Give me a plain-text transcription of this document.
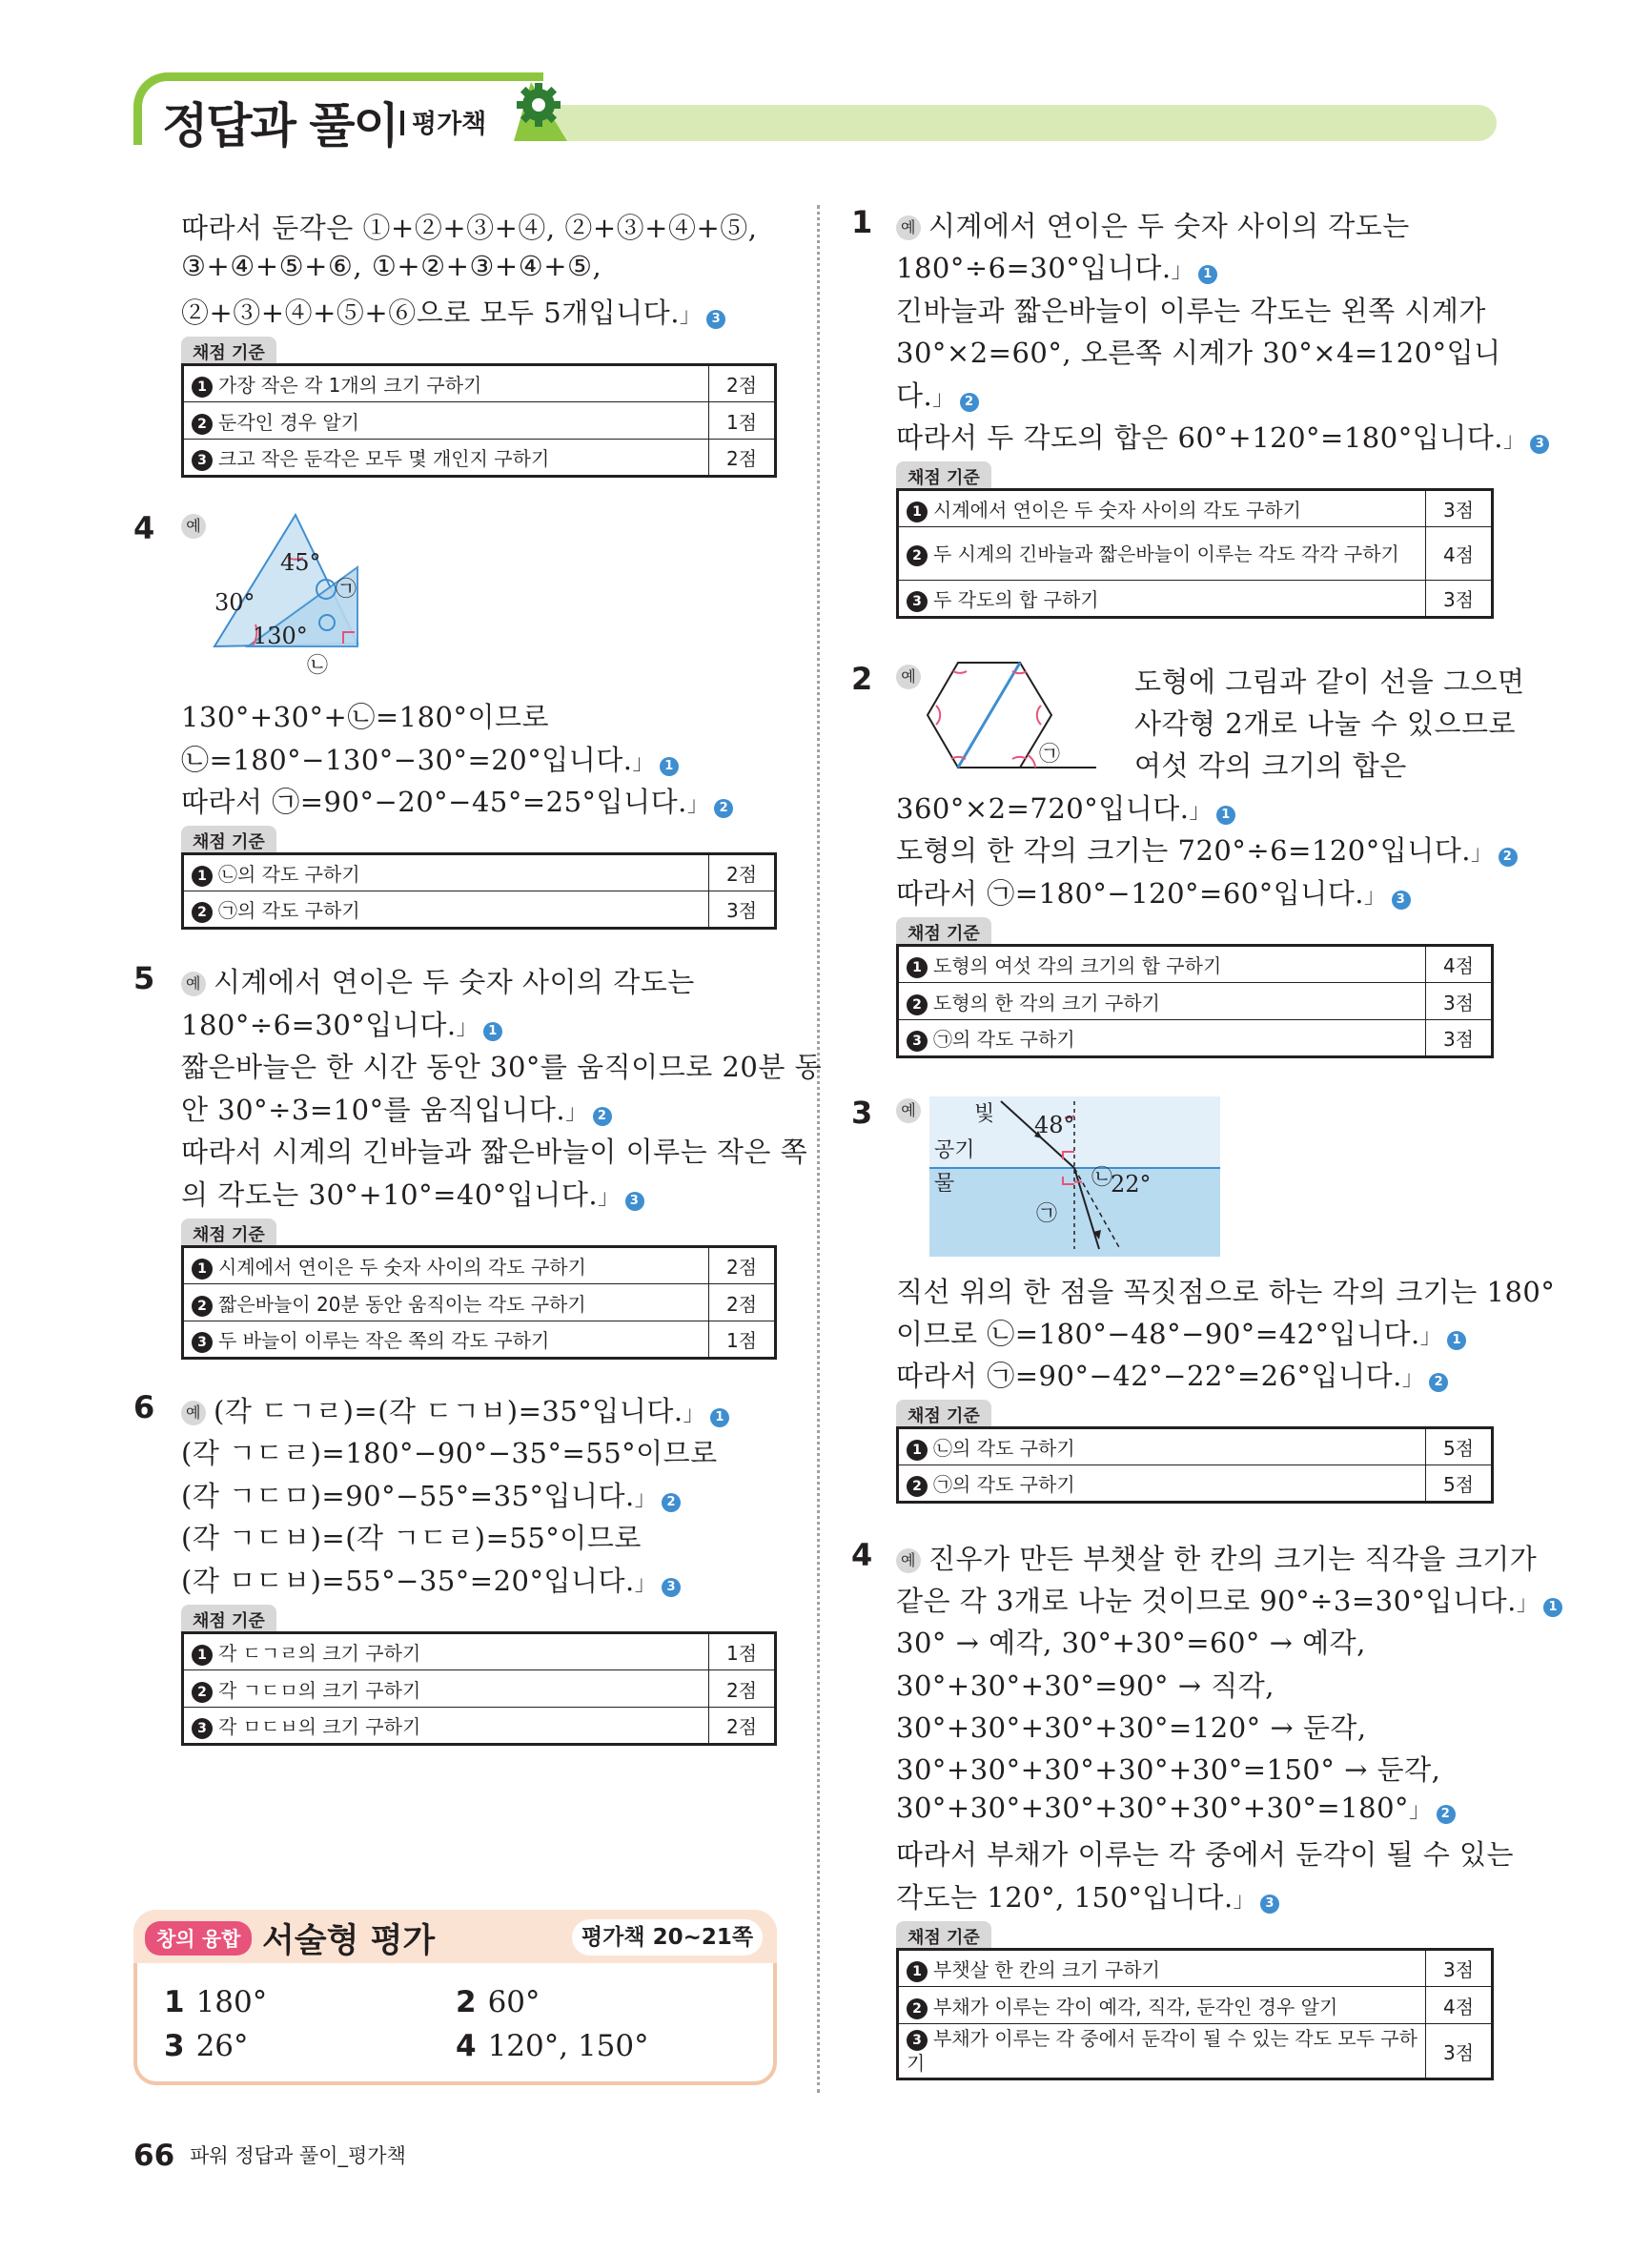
정답과 풀이 평가책
따라서 둔각은 ①+②+③+④, ②+③+④+⑤,
③+④+⑤+⑥, ①+②+③+④+⑤,
②+③+④+⑤+⑥으로 모두 5개입니다.」 3
채점 기준
1 가장 작은 각 1개의 크기 구하기	2점
2 둔각인 경우 알기	1점
3 크고 작은 둔각은 모두 몇 개인지 구하기	2점
4	예
45°
30°
130°
㉠
㉡
130°+30°+㉡=180°이므로
㉡=180°−130°−30°=20°입니다.」 1
따라서 ㉠=90°−20°−45°=25°입니다.」 2
채점 기준
1 ㉡의 각도 구하기	2점
2 ㉠의 각도 구하기	3점
5	예 시계에서 연이은 두 숫자 사이의 각도는
180°÷6=30°입니다.」 1
짧은바늘은 한 시간 동안 30°를 움직이므로 20분 동
안 30°÷3=10°를 움직입니다.」 2
따라서 시계의 긴바늘과 짧은바늘이 이루는 작은 쪽
의 각도는 30°+10°=40°입니다.」 3
채점 기준
1 시계에서 연이은 두 숫자 사이의 각도 구하기	2점
2 짧은바늘이 20분 동안 움직이는 각도 구하기	2점
3 두 바늘이 이루는 작은 쪽의 각도 구하기	1점
6	예 (각 ㄷㄱㄹ)=(각 ㄷㄱㅂ)=35°입니다.」 1
(각 ㄱㄷㄹ)=180°−90°−35°=55°이므로
(각 ㄱㄷㅁ)=90°−55°=35°입니다.」 2
(각 ㄱㄷㅂ)=(각 ㄱㄷㄹ)=55°이므로
(각 ㅁㄷㅂ)=55°−35°=20°입니다.」 3
채점 기준
1 각 ㄷㄱㄹ의 크기 구하기	1점
2 각 ㄱㄷㅁ의 크기 구하기	2점
3 각 ㅁㄷㅂ의 크기 구하기	2점
창의 융합 서술형 평가	평가책 20~21쪽
1 180°	2 60°
3 26°	4 120°, 150°
1	예 시계에서 연이은 두 숫자 사이의 각도는
180°÷6=30°입니다.」 1
긴바늘과 짧은바늘이 이루는 각도는 왼쪽 시계가
30°×2=60°, 오른쪽 시계가 30°×4=120°입니
다.」 2
따라서 두 각도의 합은 60°+120°=180°입니다.」 3
채점 기준
1 시계에서 연이은 두 숫자 사이의 각도 구하기	3점
2 두 시계의 긴바늘과 짧은바늘이 이루는 각도 각각 구하기	4점
3 두 각도의 합 구하기	3점
2	예
㉠
도형에 그림과 같이 선을 그으면
사각형 2개로 나눌 수 있으므로
여섯 각의 크기의 합은
360°×2=720°입니다.」 1
도형의 한 각의 크기는 720°÷6=120°입니다.」 2
따라서 ㉠=180°−120°=60°입니다.」 3
채점 기준
1 도형의 여섯 각의 크기의 합 구하기	4점
2 도형의 한 각의 크기 구하기	3점
3 ㉠의 각도 구하기	3점
3	예	빛
공기
물
48°
22°
㉠
㉡
직선 위의 한 점을 꼭짓점으로 하는 각의 크기는 180°
이므로 ㉡=180°−48°−90°=42°입니다.」 1
따라서 ㉠=90°−42°−22°=26°입니다.」 2
채점 기준
1 ㉡의 각도 구하기	5점
2 ㉠의 각도 구하기	5점
4	예 진우가 만든 부챗살 한 칸의 크기는 직각을 크기가
같은 각 3개로 나눈 것이므로 90°÷3=30°입니다.」 1
30° → 예각, 30°+30°=60° → 예각,
30°+30°+30°=90° → 직각,
30°+30°+30°+30°=120° → 둔각,
30°+30°+30°+30°+30°=150° → 둔각,
30°+30°+30°+30°+30°+30°=180°」 2
따라서 부채가 이루는 각 중에서 둔각이 될 수 있는
각도는 120°, 150°입니다.」 3
채점 기준
1 부챗살 한 칸의 크기 구하기	3점
2 부채가 이루는 각이 예각, 직각, 둔각인 경우 알기	4점
3 부채가 이루는 각 중에서 둔각이 될 수 있는 각도 모두 구하기	3점
66 파워 정답과 풀이_평가책
